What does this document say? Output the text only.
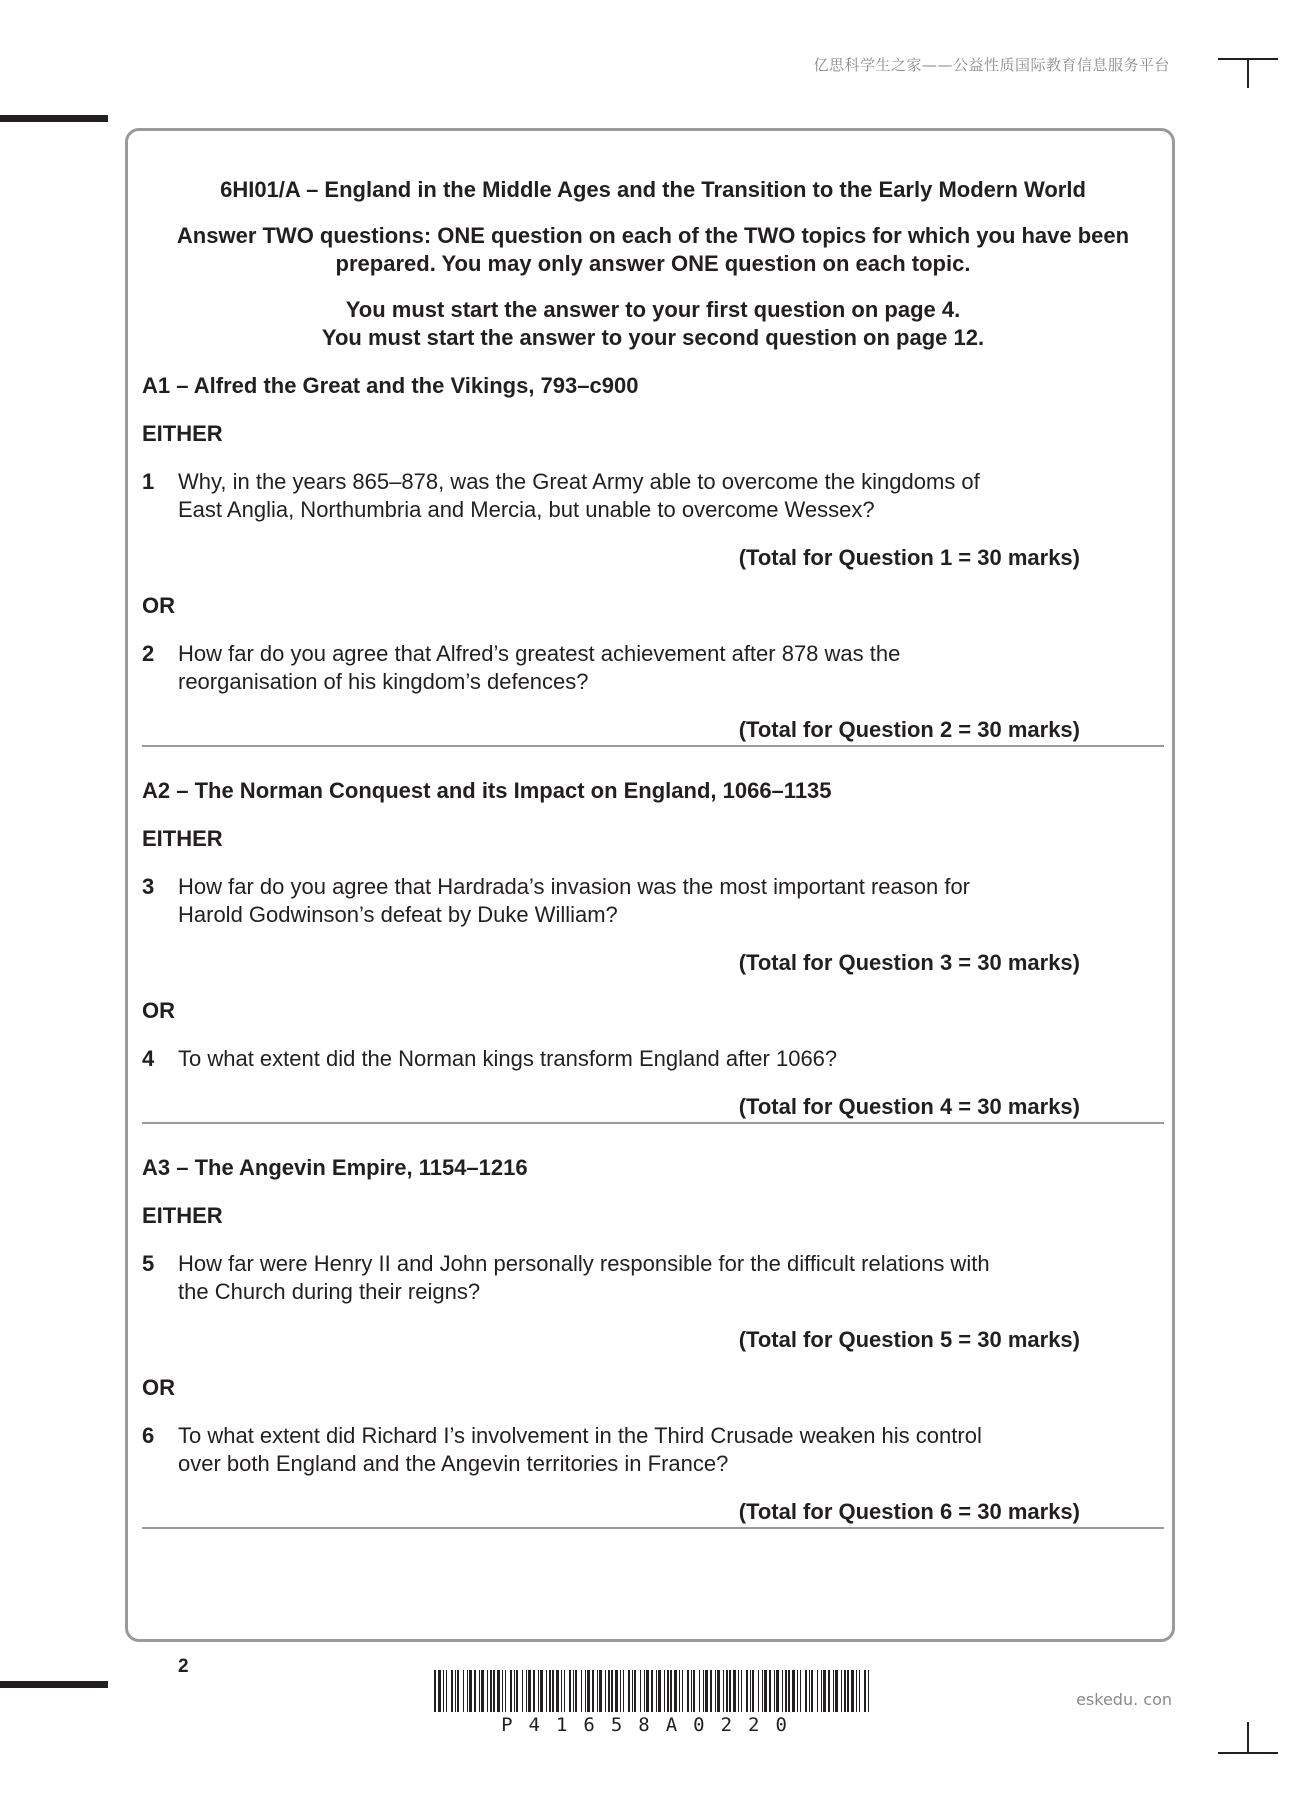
亿思科学生之家——公益性质国际教育信息服务平台
6HI01/A – England in the Middle Ages and the Transition to the Early Modern World
Answer TWO questions: ONE question on each of the TWO topics for which you have been
prepared. You may only answer ONE question on each topic.
You must start the answer to your first question on page 4.
You must start the answer to your second question on page 12.
A1 – Alfred the Great and the Vikings, 793–c900
EITHER
1	Why, in the years 865–878, was the Great Army able to overcome the kingdoms of
East Anglia, Northumbria and Mercia, but unable to overcome Wessex?
(Total for Question 1 = 30 marks)
OR
2	How far do you agree that Alfred’s greatest achievement after 878 was the
reorganisation of his kingdom’s defences?
(Total for Question 2 = 30 marks)
A2 – The Norman Conquest and its Impact on England, 1066–1135
EITHER
3	How far do you agree that Hardrada’s invasion was the most important reason for
Harold Godwinson’s defeat by Duke William?
(Total for Question 3 = 30 marks)
OR
4	To what extent did the Norman kings transform England after 1066?
(Total for Question 4 = 30 marks)
A3 – The Angevin Empire, 1154–1216
EITHER
5	How far were Henry II and John personally responsible for the difficult relations with
the Church during their reigns?
(Total for Question 5 = 30 marks)
OR
6	To what extent did Richard I’s involvement in the Third Crusade weaken his control
over both England and the Angevin territories in France?
(Total for Question 6 = 30 marks)
2
P41658A0220
eskedu. con
